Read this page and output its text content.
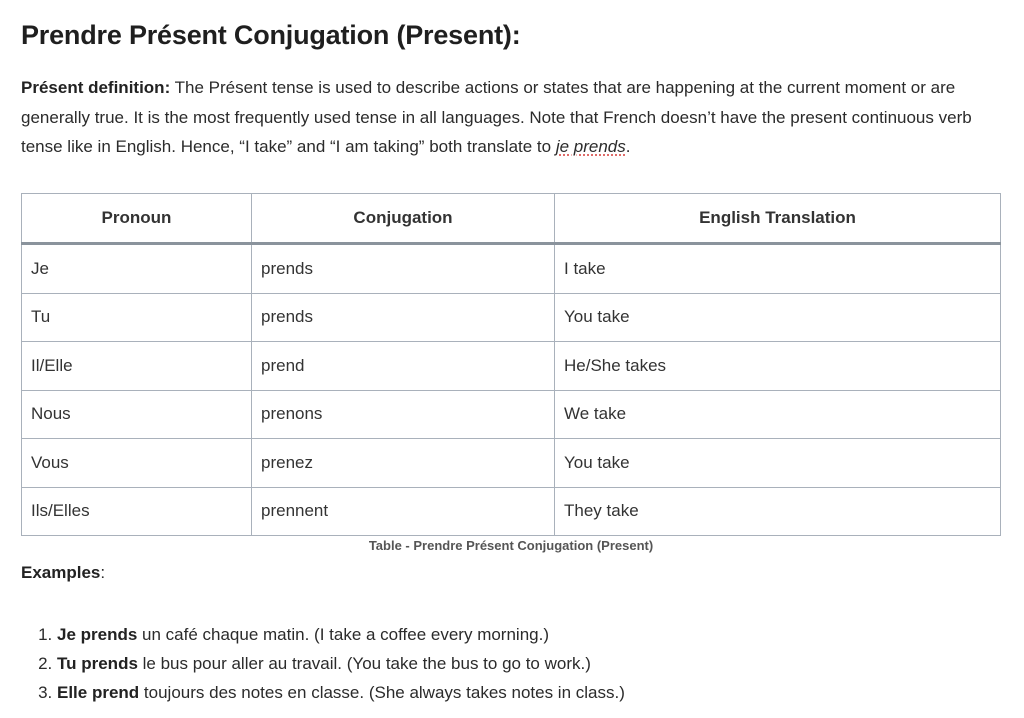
Prendre Présent Conjugation (Present):

Présent definition: The Présent tense is used to describe actions or states that are happening at the current moment or are generally true. It is the most frequently used tense in all languages. Note that French doesn’t have the present continuous verb tense like in English. Hence, “I take” and “I am taking” both translate to je prends.

Pronoun	Conjugation	English Translation
Je	prends	I take
Tu	prends	You take
Il/Elle	prend	He/She takes
Nous	prenons	We take
Vous	prenez	You take
Ils/Elles	prennent	They take
Table - Prendre Présent Conjugation (Present)

Examples:

1. Je prends un café chaque matin. (I take a coffee every morning.)
2. Tu prends le bus pour aller au travail. (You take the bus to go to work.)
3. Elle prend toujours des notes en classe. (She always takes notes in class.)
